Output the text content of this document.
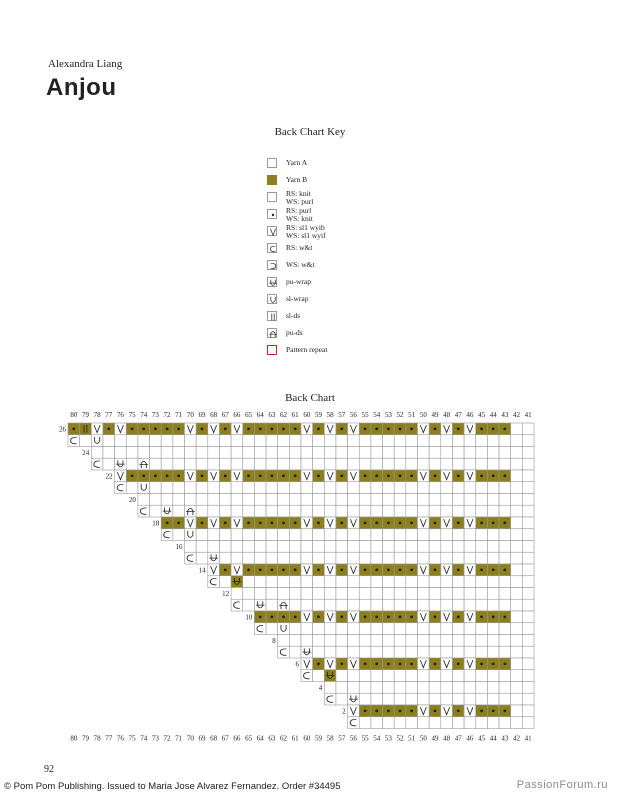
Alexandra Liang
Anjou
Back Chart Key
Yarn A
Yarn B
RS: knit
WS: purl
RS: purl
WS: knit
RS: sl1 wyib
WS: sl1 wyif
RS: w&t
WS: w&t
pu-wrap
sl-wrap
sl-ds
pu-ds
Pattern repeat
Back Chart
80
80
79
79
78
78
77
77
76
76
75
75
74
74
73
73
72
72
71
71
70
70
69
69
68
68
67
67
66
66
65
65
64
64
63
63
62
62
61
61
60
60
59
59
58
58
57
57
56
56
55
55
54
54
53
53
52
52
51
51
50
50
49
49
48
48
47
47
46
46
45
45
44
44
43
43
42
42
41
41
26
24
22
20
18
16
14
12
10
8
6
4
2
92
© Pom Pom Publishing. Issued to Maria Jose Alvarez Fernandez. Order #34495	PassionForum.ru
